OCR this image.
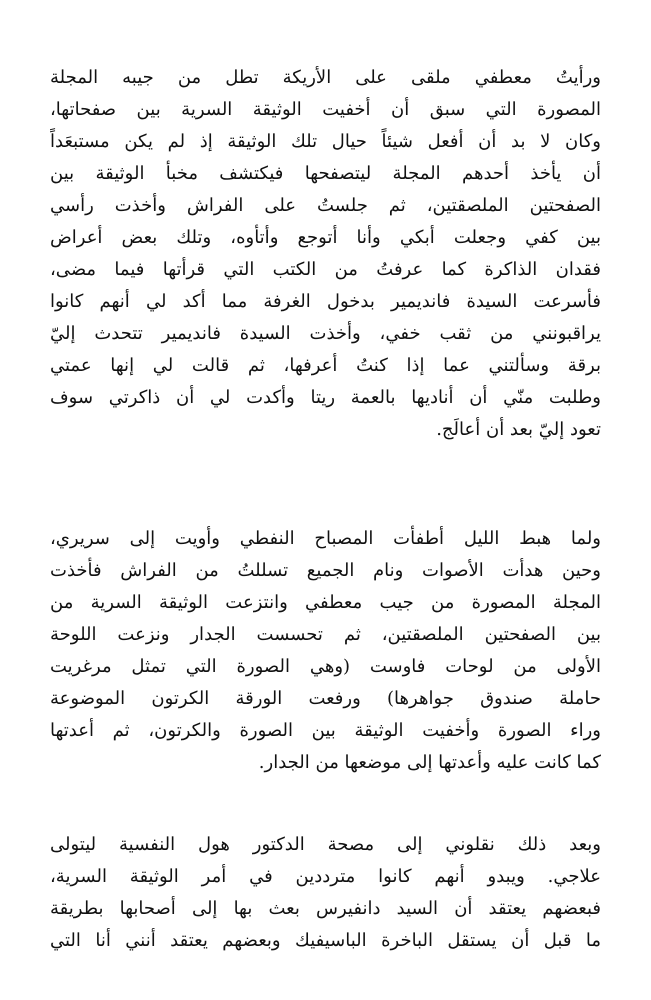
ورأيتُ معطفي ملقى على الأريكة تطل من جيبه المجلة
المصورة التي سبق أن أخفيت الوثيقة السرية بين صفحاتها،
وكان لا بد أن أفعل شيئاً حيال تلك الوثيقة إذ لم يكن مستبعَداً
أن يأخذ أحدهم المجلة ليتصفحها فيكتشف مخبأ الوثيقة بين
الصفحتين الملصقتين، ثم جلستُ على الفراش وأخذت رأسي
بين كفي وجعلت أبكي وأنا أتوجع وأتأوه، وتلك بعض أعراض
فقدان الذاكرة كما عرفتُ من الكتب التي قرأتها فيما مضى،
فأسرعت السيدة فانديمير بدخول الغرفة مما أكد لي أنهم كانوا
يراقبونني من ثقب خفي، وأخذت السيدة فانديمير تتحدث إليّ
برقة وسألتني عما إذا كنتُ أعرفها، ثم قالت لي إنها عمتي
وطلبت منّي أن أناديها بالعمة ريتا وأكدت لي أن ذاكرتي سوف
تعود إليّ بعد أن أعالَج.
ولما هبط الليل أطفأت المصباح النفطي وأويت إلى سريري،
وحين هدأت الأصوات ونام الجميع تسللتُ من الفراش فأخذت
المجلة المصورة من جيب معطفي وانتزعت الوثيقة السرية من
بين الصفحتين الملصقتين، ثم تحسست الجدار ونزعت اللوحة
الأولى من لوحات فاوست (وهي الصورة التي تمثل مرغريت
حاملة صندوق جواهرها) ورفعت الورقة الكرتون الموضوعة
وراء الصورة وأخفيت الوثيقة بين الصورة والكرتون، ثم أعدتها
كما كانت عليه وأعدتها إلى موضعها من الجدار.
وبعد ذلك نقلوني إلى مصحة الدكتور هول النفسية ليتولى
علاجي. ويبدو أنهم كانوا مترددين في أمر الوثيقة السرية،
فبعضهم يعتقد أن السيد دانفيرس بعث بها إلى أصحابها بطريقة
ما قبل أن يستقل الباخرة الباسيفيك وبعضهم يعتقد أنني أنا التي
